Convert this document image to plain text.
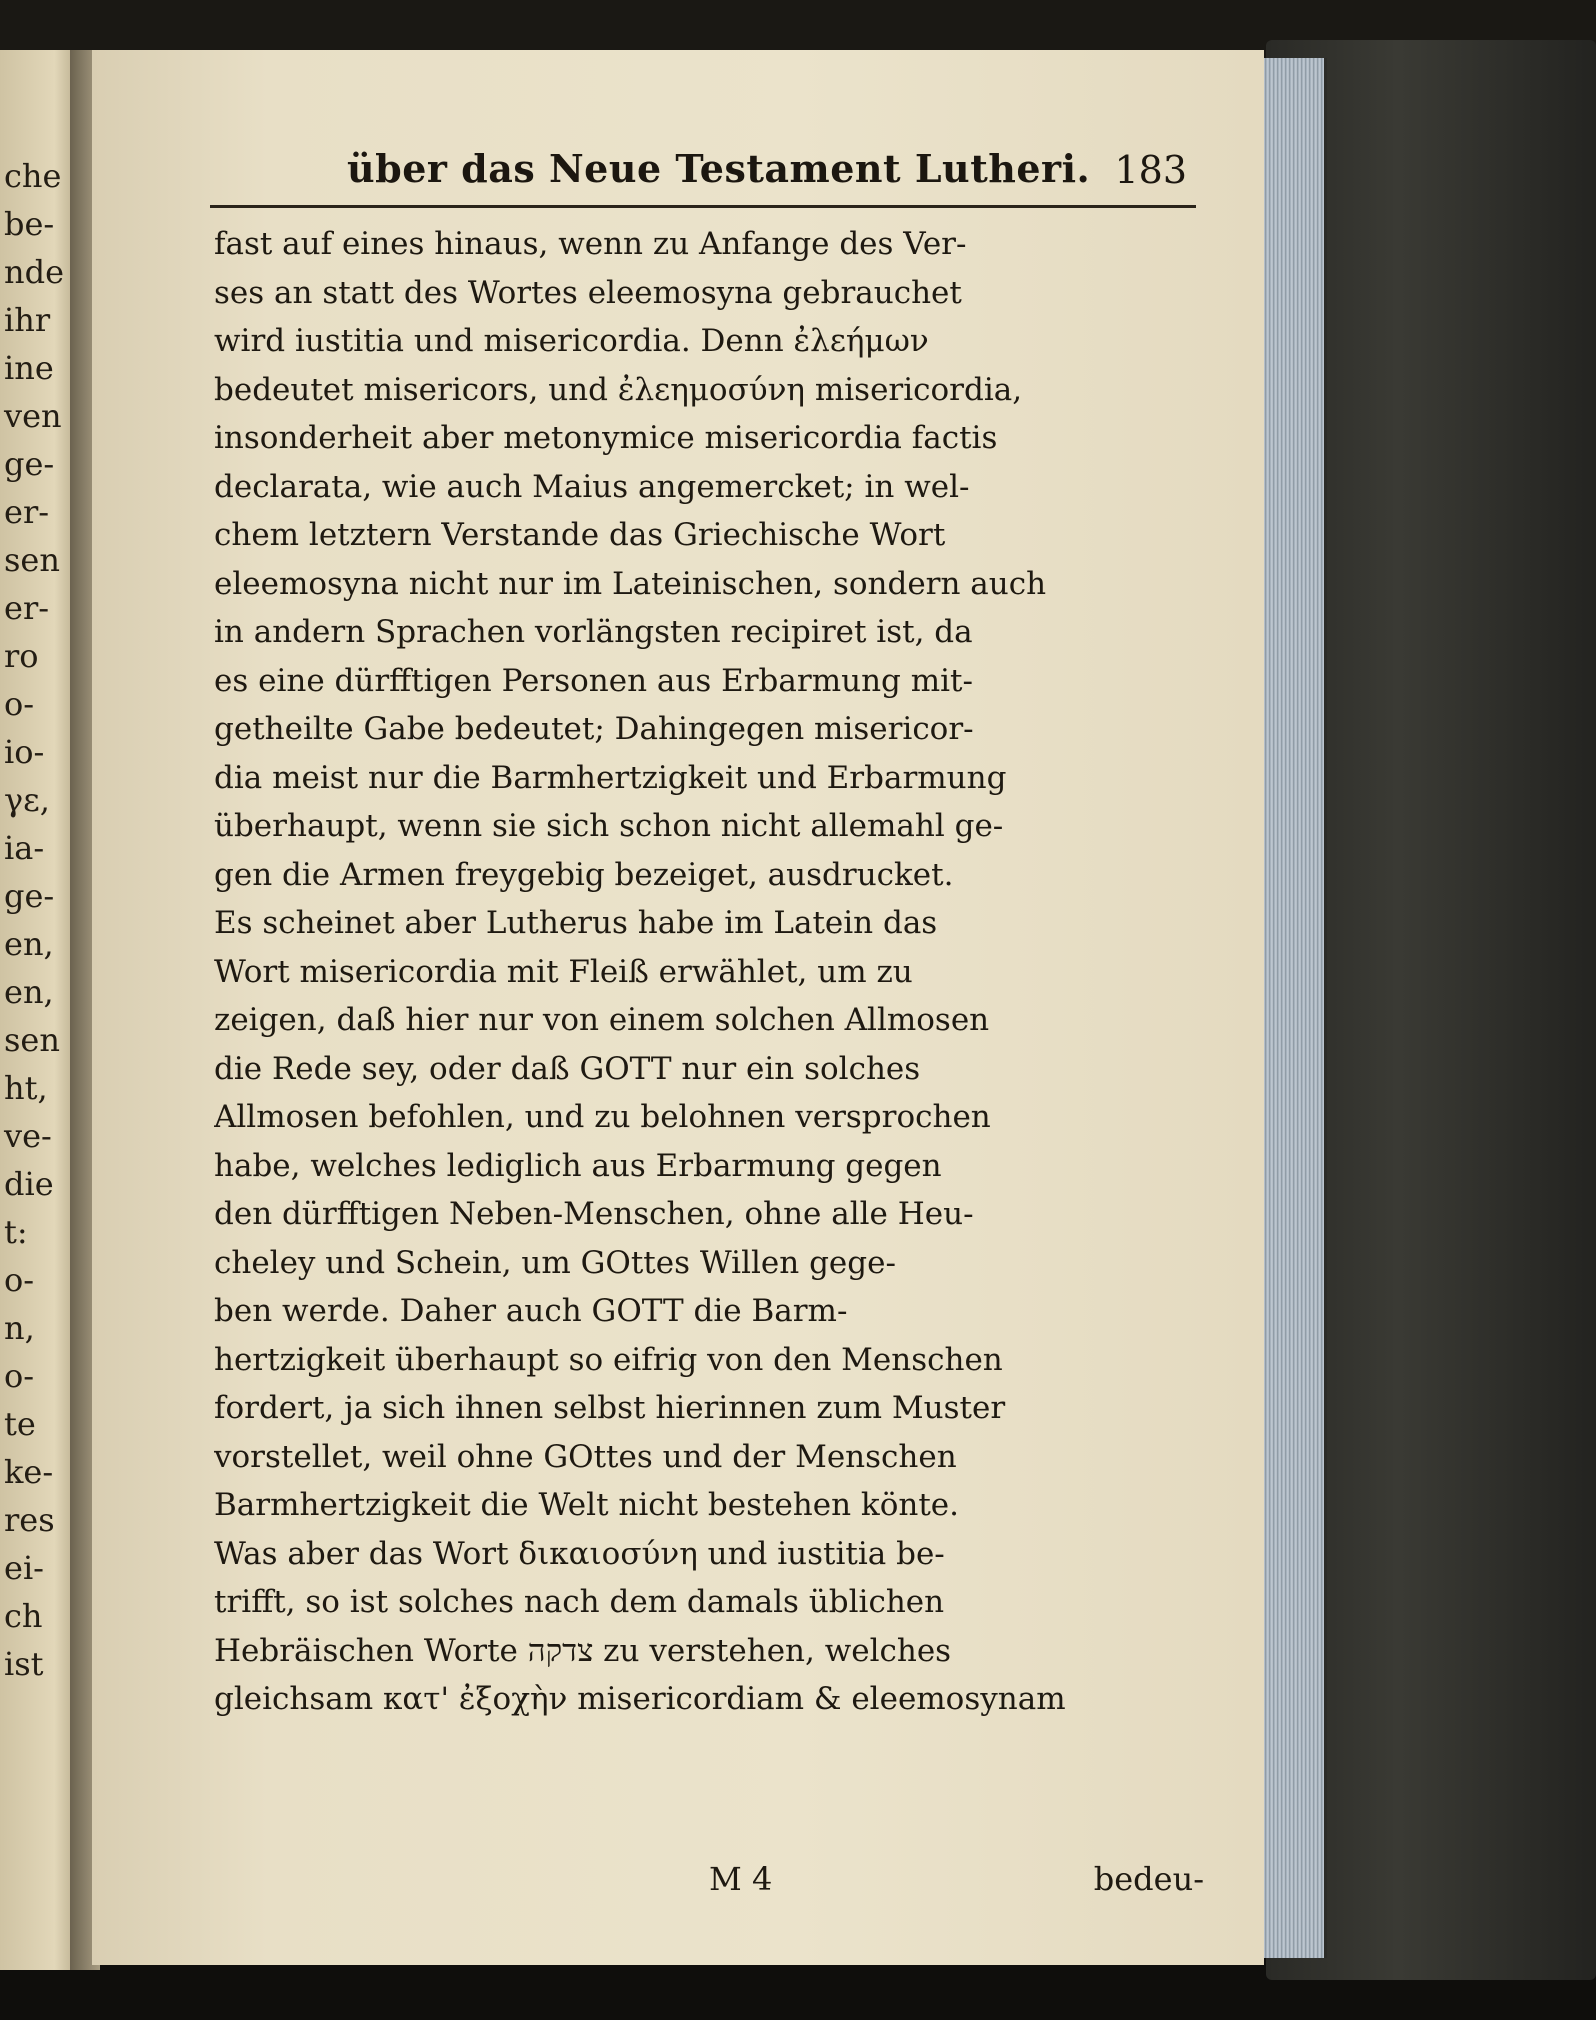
che
be-
nde
ihr
ine
ven
ge-
er-
sen
er-
ro
o-
io-
γε,
ia-
ge-
en,
en,
sen
ht,
ve-
die
t:
o-
n,
o-
te
ke-
res
ei-
ch
ist
über das Neue Testament Lutheri. 183
fast auf eines hinaus, wenn zu Anfange des Ver-
ses an statt des Wortes eleemosyna gebrauchet
wird iustitia und misericordia. Denn ἐλεήμων
bedeutet misericors, und ἐλεημοσύνη misericordia,
insonderheit aber metonymice misericordia factis
declarata, wie auch Maius angemercket; in wel-
chem letztern Verstande das Griechische Wort
eleemosyna nicht nur im Lateinischen, sondern auch
in andern Sprachen vorlängsten recipiret ist, da
es eine dürfftigen Personen aus Erbarmung mit-
getheilte Gabe bedeutet; Dahingegen misericor-
dia meist nur die Barmhertzigkeit und Erbarmung
überhaupt, wenn sie sich schon nicht allemahl ge-
gen die Armen freygebig bezeiget, ausdrucket.
Es scheinet aber Lutherus habe im Latein das
Wort misericordia mit Fleiß erwählet, um zu
zeigen, daß hier nur von einem solchen Allmosen
die Rede sey, oder daß GOTT nur ein solches
Allmosen befohlen, und zu belohnen versprochen
habe, welches lediglich aus Erbarmung gegen
den dürfftigen Neben-Menschen, ohne alle Heu-
cheley und Schein, um GOttes Willen gege-
ben werde. Daher auch GOTT die Barm-
hertzigkeit überhaupt so eifrig von den Menschen
fordert, ja sich ihnen selbst hierinnen zum Muster
vorstellet, weil ohne GOttes und der Menschen
Barmhertzigkeit die Welt nicht bestehen könte.
Was aber das Wort δικαιοσύνη und iustitia be-
trifft, so ist solches nach dem damals üblichen
Hebräischen Worte צדקה zu verstehen, welches
gleichsam κατ' ἐξοχὴν misericordiam & eleemosynam
M 4	bedeu-
